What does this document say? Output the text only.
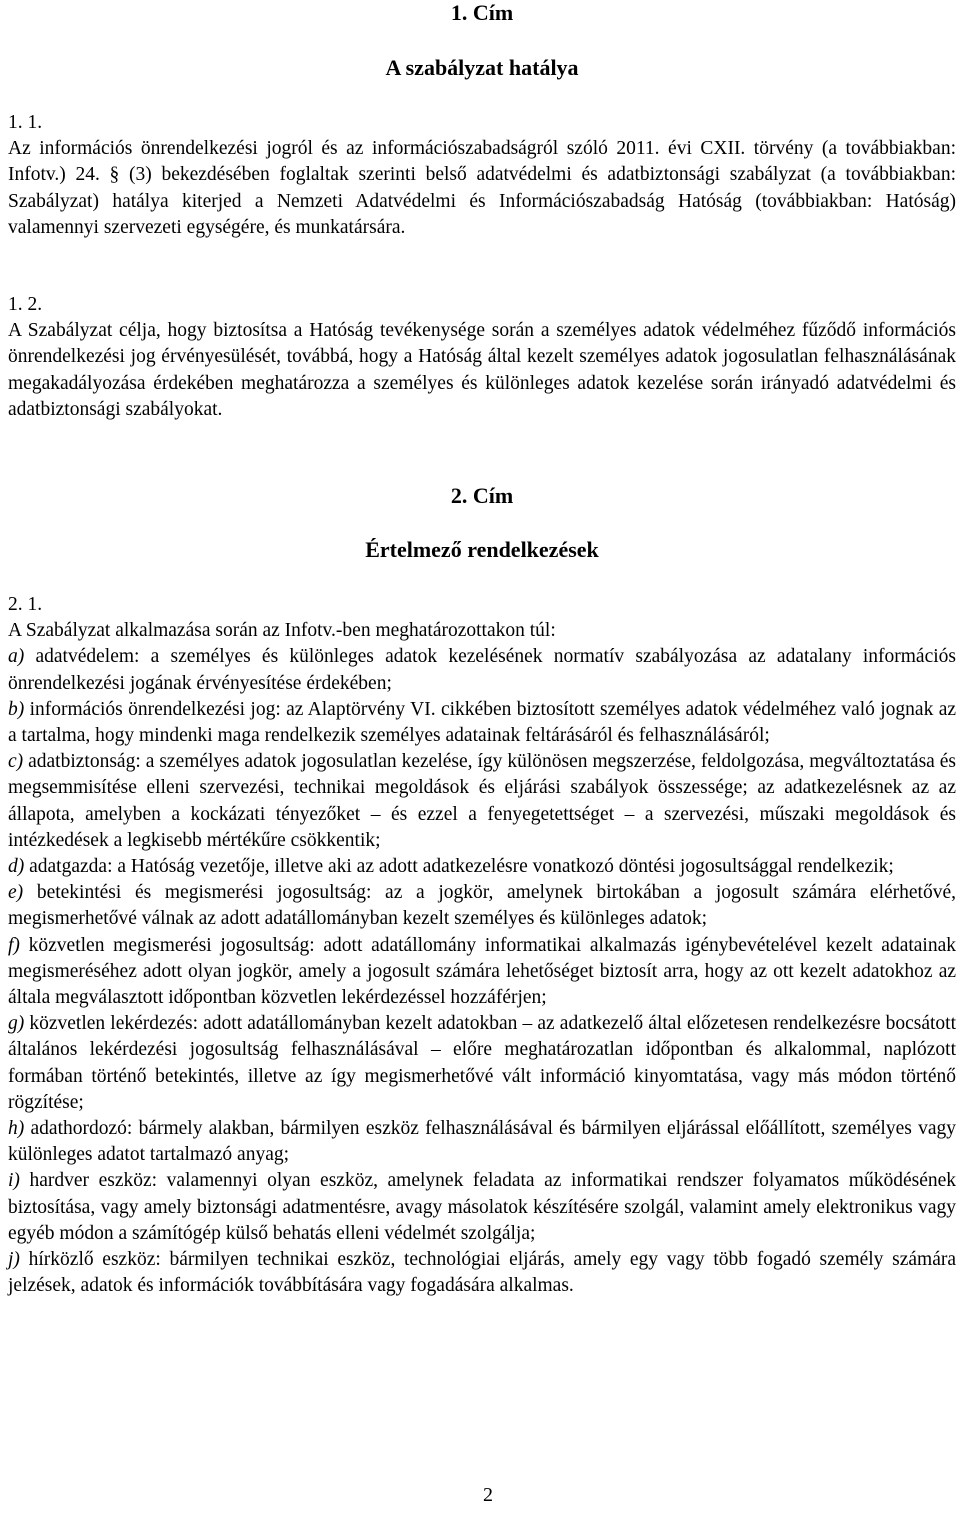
1. Cím
A szabályzat hatálya

1. 1.

Az információs önrendelkezési jogról és az információszabadságról szóló 2011. évi CXII. törvény (a továbbiakban: Infotv.) 24. § (3) bekezdésében foglaltak szerinti belső adatvédelmi és adatbiztonsági szabályzat (a továbbiakban: Szabályzat) hatálya kiterjed a Nemzeti Adatvédelmi és Információszabadság Hatóság (továbbiakban: Hatóság) valamennyi szervezeti egységére, és munkatársára.

1. 2.

A Szabályzat célja, hogy biztosítsa a Hatóság tevékenysége során a személyes adatok védelméhez fűződő információs önrendelkezési jog érvényesülését, továbbá, hogy a Hatóság által kezelt személyes adatok jogosulatlan felhasználásának megakadályozása érdekében meghatározza a személyes és különleges adatok kezelése során irányadó adatvédelmi és adatbiztonsági szabályokat.

2. Cím
Értelmező rendelkezések

2. 1.

A Szabályzat alkalmazása során az Infotv.-ben meghatározottakon túl:

a) adatvédelem: a személyes és különleges adatok kezelésének normatív szabályozása az adatalany információs önrendelkezési jogának érvényesítése érdekében;

b) információs önrendelkezési jog: az Alaptörvény VI. cikkében biztosított személyes adatok védelméhez való jognak az a tartalma, hogy mindenki maga rendelkezik személyes adatainak feltárásáról és felhasználásáról;

c) adatbiztonság: a személyes adatok jogosulatlan kezelése, így különösen megszerzése, feldolgozása, megváltoztatása és megsemmisítése elleni szervezési, technikai megoldások és eljárási szabályok összessége; az adatkezelésnek az az állapota, amelyben a kockázati tényezőket – és ezzel a fenyegetettséget – a szervezési, műszaki megoldások és intézkedések a legkisebb mértékűre csökkentik;

d) adatgazda: a Hatóság vezetője, illetve aki az adott adatkezelésre vonatkozó döntési jogosultsággal rendelkezik;

e) betekintési és megismerési jogosultság: az a jogkör, amelynek birtokában a jogosult számára elérhetővé, megismerhetővé válnak az adott adatállományban kezelt személyes és különleges adatok;

f) közvetlen megismerési jogosultság: adott adatállomány informatikai alkalmazás igénybevételével kezelt adatainak megismeréséhez adott olyan jogkör, amely a jogosult számára lehetőséget biztosít arra, hogy az ott kezelt adatokhoz az általa megválasztott időpontban közvetlen lekérdezéssel hozzáférjen;

g) közvetlen lekérdezés: adott adatállományban kezelt adatokban – az adatkezelő által előzetesen rendelkezésre bocsátott általános lekérdezési jogosultság felhasználásával – előre meghatározatlan időpontban és alkalommal, naplózott formában történő betekintés, illetve az így megismerhetővé vált információ kinyomtatása, vagy más módon történő rögzítése;

h) adathordozó: bármely alakban, bármilyen eszköz felhasználásával és bármilyen eljárással előállított, személyes vagy különleges adatot tartalmazó anyag;

i) hardver eszköz: valamennyi olyan eszköz, amelynek feladata az informatikai rendszer folyamatos működésének biztosítása, vagy amely biztonsági adatmentésre, avagy másolatok készítésére szolgál, valamint amely elektronikus vagy egyéb módon a számítógép külső behatás elleni védelmét szolgálja;

j) hírközlő eszköz: bármilyen technikai eszköz, technológiai eljárás, amely egy vagy több fogadó személy számára jelzések, adatok és információk továbbítására vagy fogadására alkalmas.

2
